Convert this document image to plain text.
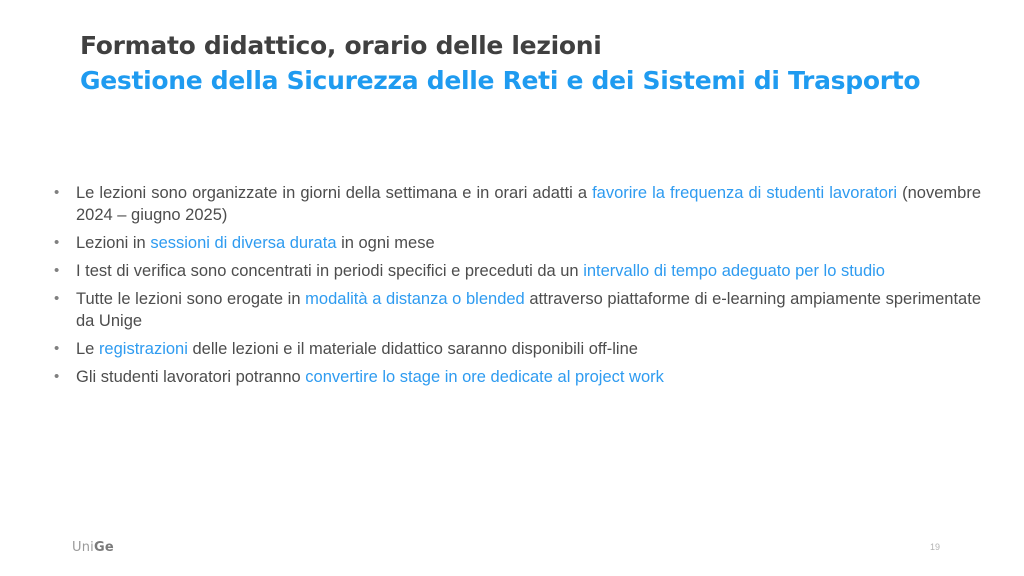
Formato didattico, orario delle lezioni
Gestione della Sicurezza delle Reti e dei Sistemi di Trasporto
• Le lezioni sono organizzate in giorni della settimana e in orari adatti a favorire la frequenza di studenti lavoratori (novembre 2024 – giugno 2025)
• Lezioni in sessioni di diversa durata in ogni mese
• I test di verifica sono concentrati in periodi specifici e preceduti da un intervallo di tempo adeguato per lo studio
• Tutte le lezioni sono erogate in modalità a distanza o blended attraverso piattaforme di e-learning ampiamente sperimentate da Unige
• Le registrazioni delle lezioni e il materiale didattico saranno disponibili off-line
• Gli studenti lavoratori potranno convertire lo stage in ore dedicate al project work
UniGe	19
